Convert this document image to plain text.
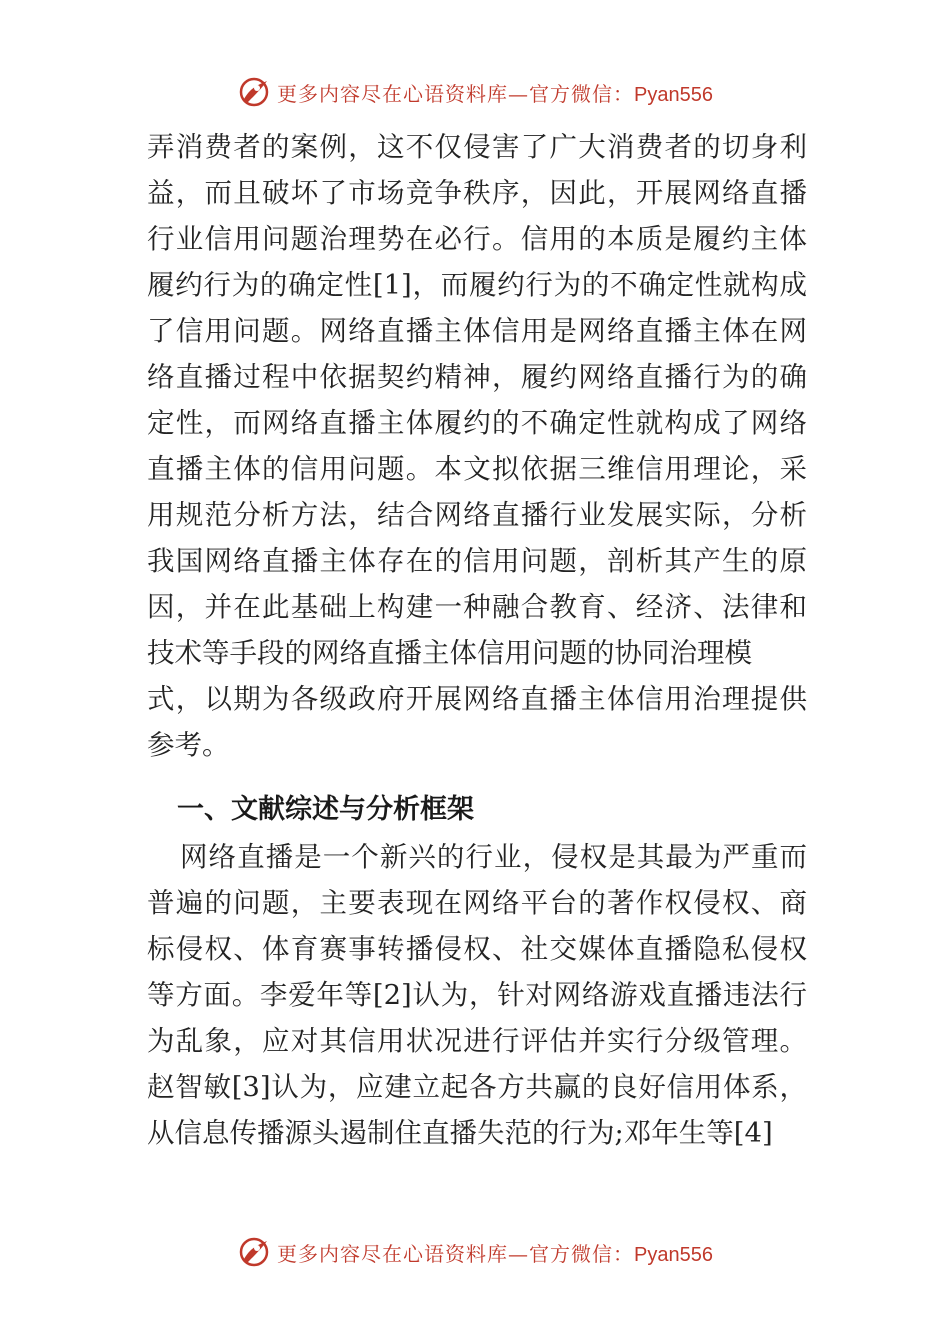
更多内容尽在心语资料库—官方微信：Pyan556
弄消费者的案例，这不仅侵害了广大消费者的切身利
益，而且破坏了市场竞争秩序，因此，开展网络直播
行业信用问题治理势在必行。信用的本质是履约主体
履约行为的确定性[1]，而履约行为的不确定性就构成
了信用问题。网络直播主体信用是网络直播主体在网
络直播过程中依据契约精神，履约网络直播行为的确
定性，而网络直播主体履约的不确定性就构成了网络
直播主体的信用问题。本文拟依据三维信用理论，采
用规范分析方法，结合网络直播行业发展实际，分析
我国网络直播主体存在的信用问题，剖析其产生的原
因，并在此基础上构建一种融合教育、经济、法律和
技术等手段的网络直播主体信用问题的协同治理模
式，以期为各级政府开展网络直播主体信用治理提供
参考。
一、文献综述与分析框架
网络直播是一个新兴的行业，侵权是其最为严重而
普遍的问题，主要表现在网络平台的著作权侵权、商
标侵权、体育赛事转播侵权、社交媒体直播隐私侵权
等方面。李爱年等[2]认为，针对网络游戏直播违法行
为乱象，应对其信用状况进行评估并实行分级管理。
赵智敏[3]认为，应建立起各方共赢的良好信用体系，
从信息传播源头遏制住直播失范的行为;邓年生等[4]
更多内容尽在心语资料库—官方微信：Pyan556
